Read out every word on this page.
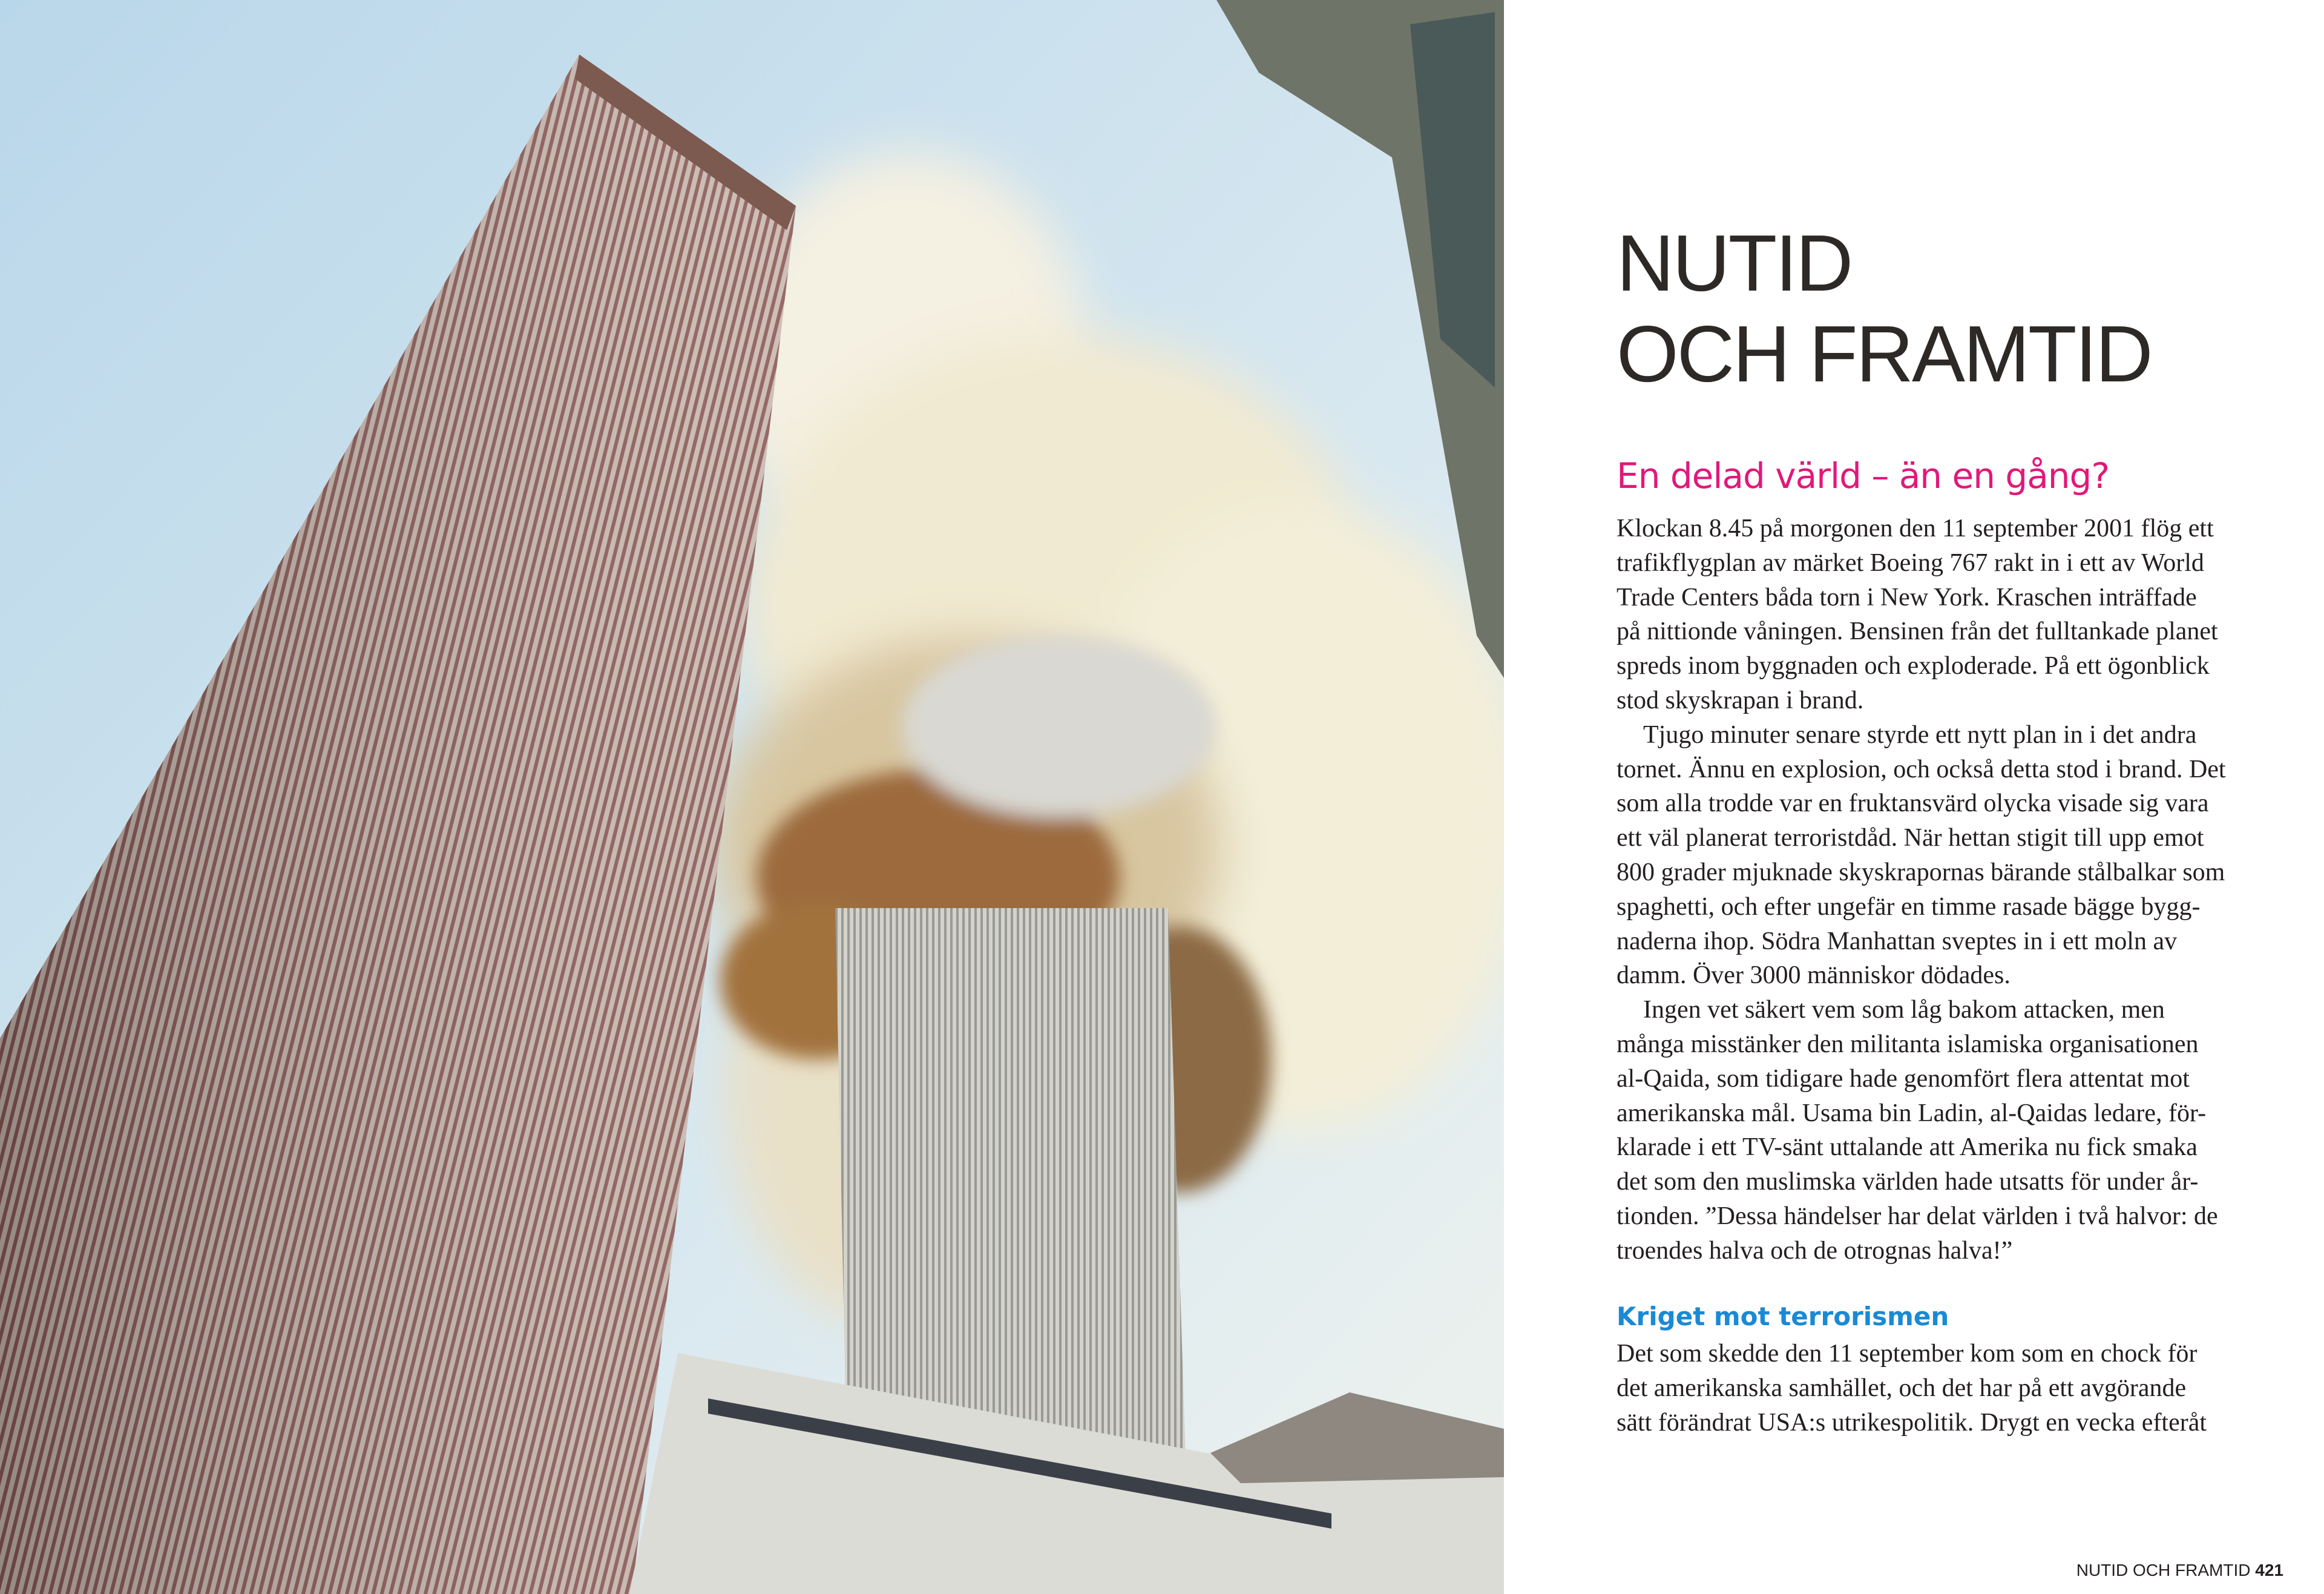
NUTID
OCH FRAMTID
En delad värld – än en gång?
Klockan 8.45 på morgonen den 11 september 2001 flög ett
trafikflygplan av märket Boeing 767 rakt in i ett av World
Trade Centers båda torn i New York. Kraschen inträffade
på nittionde våningen. Bensinen från det fulltankade planet
spreds inom byggnaden och exploderade. På ett ögonblick
stod skyskrapan i brand.
Tjugo minuter senare styrde ett nytt plan in i det andra
tornet. Ännu en explosion, och också detta stod i brand. Det
som alla trodde var en fruktansvärd olycka visade sig vara
ett väl planerat terroristdåd. När hettan stigit till upp emot
800 grader mjuknade skyskrapornas bärande stålbalkar som
spaghetti, och efter ungefär en timme rasade bägge bygg-
naderna ihop. Södra Manhattan sveptes in i ett moln av
damm. Över 3000 människor dödades.
Ingen vet säkert vem som låg bakom attacken, men
många misstänker den militanta islamiska organisationen
al-Qaida, som tidigare hade genomfört flera attentat mot
amerikanska mål. Usama bin Ladin, al-Qaidas ledare, för-
klarade i ett TV-sänt uttalande att Amerika nu fick smaka
det som den muslimska världen hade utsatts för under år-
tionden. ”Dessa händelser har delat världen i två halvor: de
troendes halva och de otrognas halva!”
Kriget mot terrorismen
Det som skedde den 11 september kom som en chock för
det amerikanska samhället, och det har på ett avgörande
sätt förändrat USA:s utrikespolitik. Drygt en vecka efteråt
NUTID OCH FRAMTID 421
